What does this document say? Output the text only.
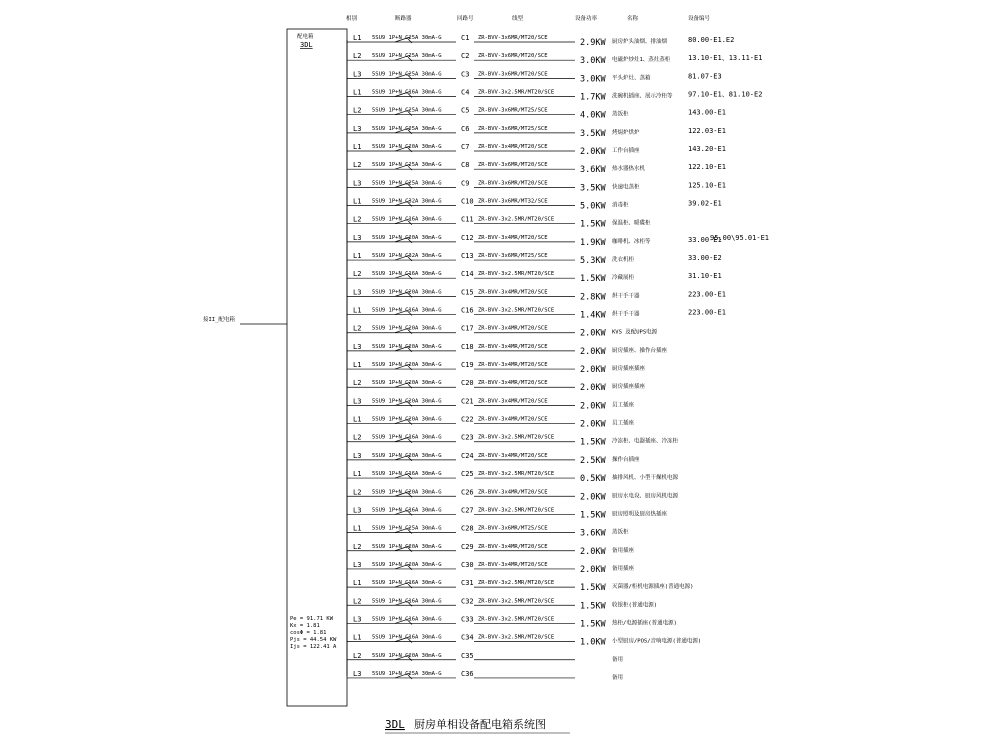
相别	断路器	回路号	线型	设备功率	名称	设备编号
配电箱
3DL
接II_配电箱
Pe = 91.71 KW
Kx = 1.81
cosΦ = 1.81
Pjs = 44.54 KW
Ijs = 122.41 A
95.00\95.01-E1
L1 5SU9 1P+N C25A 30mA-G	C1 ZR-BVV-3x6MR/MT20/SCE	2.9KW 厨房炉头油烟、排油烟	80.00-E1.E2
L2 5SU9 1P+N C25A 30mA-G	C2 ZR-BVV-3x6MR/MT20/SCE	3.0KW 电磁炉炒灶1、蒸灶蒸柜	13.10-E1、13.11-E1
L3 5SU9 1P+N C25A 30mA-G	C3 ZR-BVV-3x6MR/MT20/SCE	3.0KW 平头炉灶、蒸箱	81.07-E3
L1 5SU9 1P+N C16A 30mA-G	C4 ZR-BVV-3x2.5MR/MT20/SCE	1.7KW 洗碗机插座、展示冷柜等 97.10-E1、81.10-E2
L2 5SU9 1P+N C25A 30mA-G	C5 ZR-BVV-3x6MR/MT25/SCE	4.0KW 蒸饭柜	143.00-E1
L3 5SU9 1P+N C25A 30mA-G	C6 ZR-BVV-3x6MR/MT25/SCE	3.5KW 烤焗炉烘炉	122.03-E1
L1 5SU9 1P+N C20A 30mA-G	C7 ZR-BVV-3x4MR/MT20/SCE	2.0KW 工作台插座	143.20-E1
L2 5SU9 1P+N C25A 30mA-G	C8 ZR-BVV-3x6MR/MT20/SCE	3.6KW 热水器热水机	122.10-E1
L3 5SU9 1P+N C25A 30mA-G	C9 ZR-BVV-3x6MR/MT20/SCE	3.5KW 快速电蒸柜	125.10-E1
L1 5SU9 1P+N C32A 30mA-G	C10 ZR-BVV-3x6MR/MT32/SCE	5.0KW 消毒柜	39.02-E1
L2 5SU9 1P+N C16A 30mA-G	C11 ZR-BVV-3x2.5MR/MT20/SCE	1.5KW 保温柜、暖碟柜
L3 5SU9 1P+N C20A 30mA-G	C12 ZR-BVV-3x4MR/MT20/SCE	1.9KW 咖啡机、冰柜等	33.00-E1
L1 5SU9 1P+N C32A 30mA-G	C13 ZR-BVV-3x6MR/MT25/SCE	5.3KW 洗衣机柜	33.00-E2
L2 5SU9 1P+N C16A 30mA-G	C14 ZR-BVV-3x2.5MR/MT20/SCE	1.5KW 冷藏展柜	31.10-E1
L3 5SU9 1P+N C20A 30mA-G	C15 ZR-BVV-3x4MR/MT20/SCE	2.8KW 烘干手干器	223.00-E1
L1 5SU9 1P+N C16A 30mA-G	C16 ZR-BVV-3x2.5MR/MT20/SCE	1.4KW 烘干手干器	223.00-E1
L2 5SU9 1P+N C20A 30mA-G	C17 ZR-BVV-3x4MR/MT20/SCE	2.0KW KVS 及配UPS电源
L3 5SU9 1P+N C20A 30mA-G	C18 ZR-BVV-3x4MR/MT20/SCE	2.0KW 厨房插座、操作台插座
L1 5SU9 1P+N C20A 30mA-G	C19 ZR-BVV-3x4MR/MT20/SCE	2.0KW 厨房插座插座
L2 5SU9 1P+N C20A 30mA-G	C20 ZR-BVV-3x4MR/MT20/SCE	2.0KW 厨房插座插座
L3 5SU9 1P+N C20A 30mA-G	C21 ZR-BVV-3x4MR/MT20/SCE	2.0KW 员工插座
L1 5SU9 1P+N C20A 30mA-G	C22 ZR-BVV-3x4MR/MT20/SCE	2.0KW 员工插座
L2 5SU9 1P+N C16A 30mA-G	C23 ZR-BVV-3x2.5MR/MT20/SCE	1.5KW 冷冻柜、电器插座、冷冻柜
L3 5SU9 1P+N C20A 30mA-G	C24 ZR-BVV-3x4MR/MT20/SCE	2.5KW 操作台插座
L1 5SU9 1P+N C16A 30mA-G	C25 ZR-BVV-3x2.5MR/MT20/SCE	0.5KW 抽排风机、小型干燥机电源
L2 5SU9 1P+N C20A 30mA-G	C26 ZR-BVV-3x4MR/MT20/SCE	2.0KW 厨房水电设、厨房风机电源
L3 5SU9 1P+N C16A 30mA-G	C27 ZR-BVV-3x2.5MR/MT20/SCE	1.5KW 厨房照明及厨房热插座
L1 5SU9 1P+N C25A 30mA-G	C28 ZR-BVV-3x6MR/MT25/SCE	3.6KW 蒸饭柜
L2 5SU9 1P+N C20A 30mA-G	C29 ZR-BVV-3x4MR/MT20/SCE	2.0KW 备用插座
L3 5SU9 1P+N C20A 30mA-G	C30 ZR-BVV-3x4MR/MT20/SCE	2.0KW 备用插座
L1 5SU9 1P+N C16A 30mA-G	C31 ZR-BVV-3x2.5MR/MT20/SCE	1.5KW 灭菌器/柜机电源插座(普通电源)
L2 5SU9 1P+N C16A 30mA-G	C32 ZR-BVV-3x2.5MR/MT20/SCE	1.5KW 收银柜(普通电源)
L3 5SU9 1P+N C16A 30mA-G	C33 ZR-BVV-3x2.5MR/MT20/SCE	1.5KW 热柜/电源插座(普通电源)
L1 5SU9 1P+N C16A 30mA-G	C34 ZR-BVV-3x2.5MR/MT20/SCE	1.0KW 小型厨房/POS/音响电源(普通电源)
L2 5SU9 1P+N C20A 30mA-G	C35	备用
L3 5SU9 1P+N C25A 30mA-G	C36	备用
3DL 厨房单相设备配电箱系统图
